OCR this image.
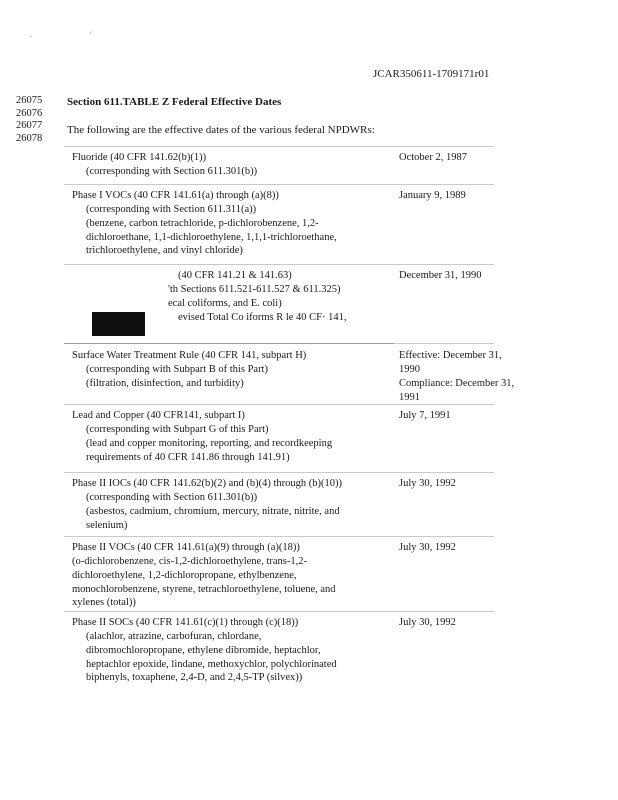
. '
JCAR350611-1709171r01
26075
26076
26077
26078
Section 611.TABLE Z Federal Effective Dates
The following are the effective dates of the various federal NPDWRs:
Fluoride (40 CFR 141.62(b)(1))
(corresponding with Section 611.301(b))
October 2, 1987
Phase I VOCs (40 CFR 141.61(a) through (a)(8))
(corresponding with Section 611.311(a))
(benzene, carbon tetrachloride, p-dichlorobenzene, 1,2-
dichloroethane, 1,1-dichloroethylene, 1,1,1-trichloroethane,
trichloroethylene, and vinyl chloride)
January 9, 1989
(40 CFR 141.21 & 141.63)
'th Sections 611.521-611.527 & 611.325)
ecal coliforms, and E. coli)
evised Total Co iforms R le 40 CF· 141,
December 31, 1990
Surface Water Treatment Rule (40 CFR 141, subpart H)
(corresponding with Subpart B of this Part)
(filtration, disinfection, and turbidity)
Effective: December 31,
1990
Compliance: December 31,
1991
Lead and Copper (40 CFR141, subpart I)
(corresponding with Subpart G of this Part)
(lead and copper monitoring, reporting, and recordkeeping
requirements of 40 CFR 141.86 through 141.91)
July 7, 1991
Phase II IOCs (40 CFR 141.62(b)(2) and (b)(4) through (b)(10))
(corresponding with Section 611.301(b))
(asbestos, cadmium, chromium, mercury, nitrate, nitrite, and
selenium)
July 30, 1992
Phase II VOCs (40 CFR 141.61(a)(9) through (a)(18))
(o-dichlorobenzene, cis-1,2-dichloroethylene, trans-1,2-
dichloroethylene, 1,2-dichloropropane, ethylbenzene,
monochlorobenzene, styrene, tetrachloroethylene, toluene, and
xylenes (total))
July 30, 1992
Phase II SOCs (40 CFR 141.61(c)(1) through (c)(18))
(alachlor, atrazine, carbofuran, chlordane,
dibromochloropropane, ethylene dibromide, heptachlor,
heptachlor epoxide, lindane, methoxychlor, polychlorinated
biphenyls, toxaphene, 2,4-D, and 2,4,5-TP (silvex))
July 30, 1992
